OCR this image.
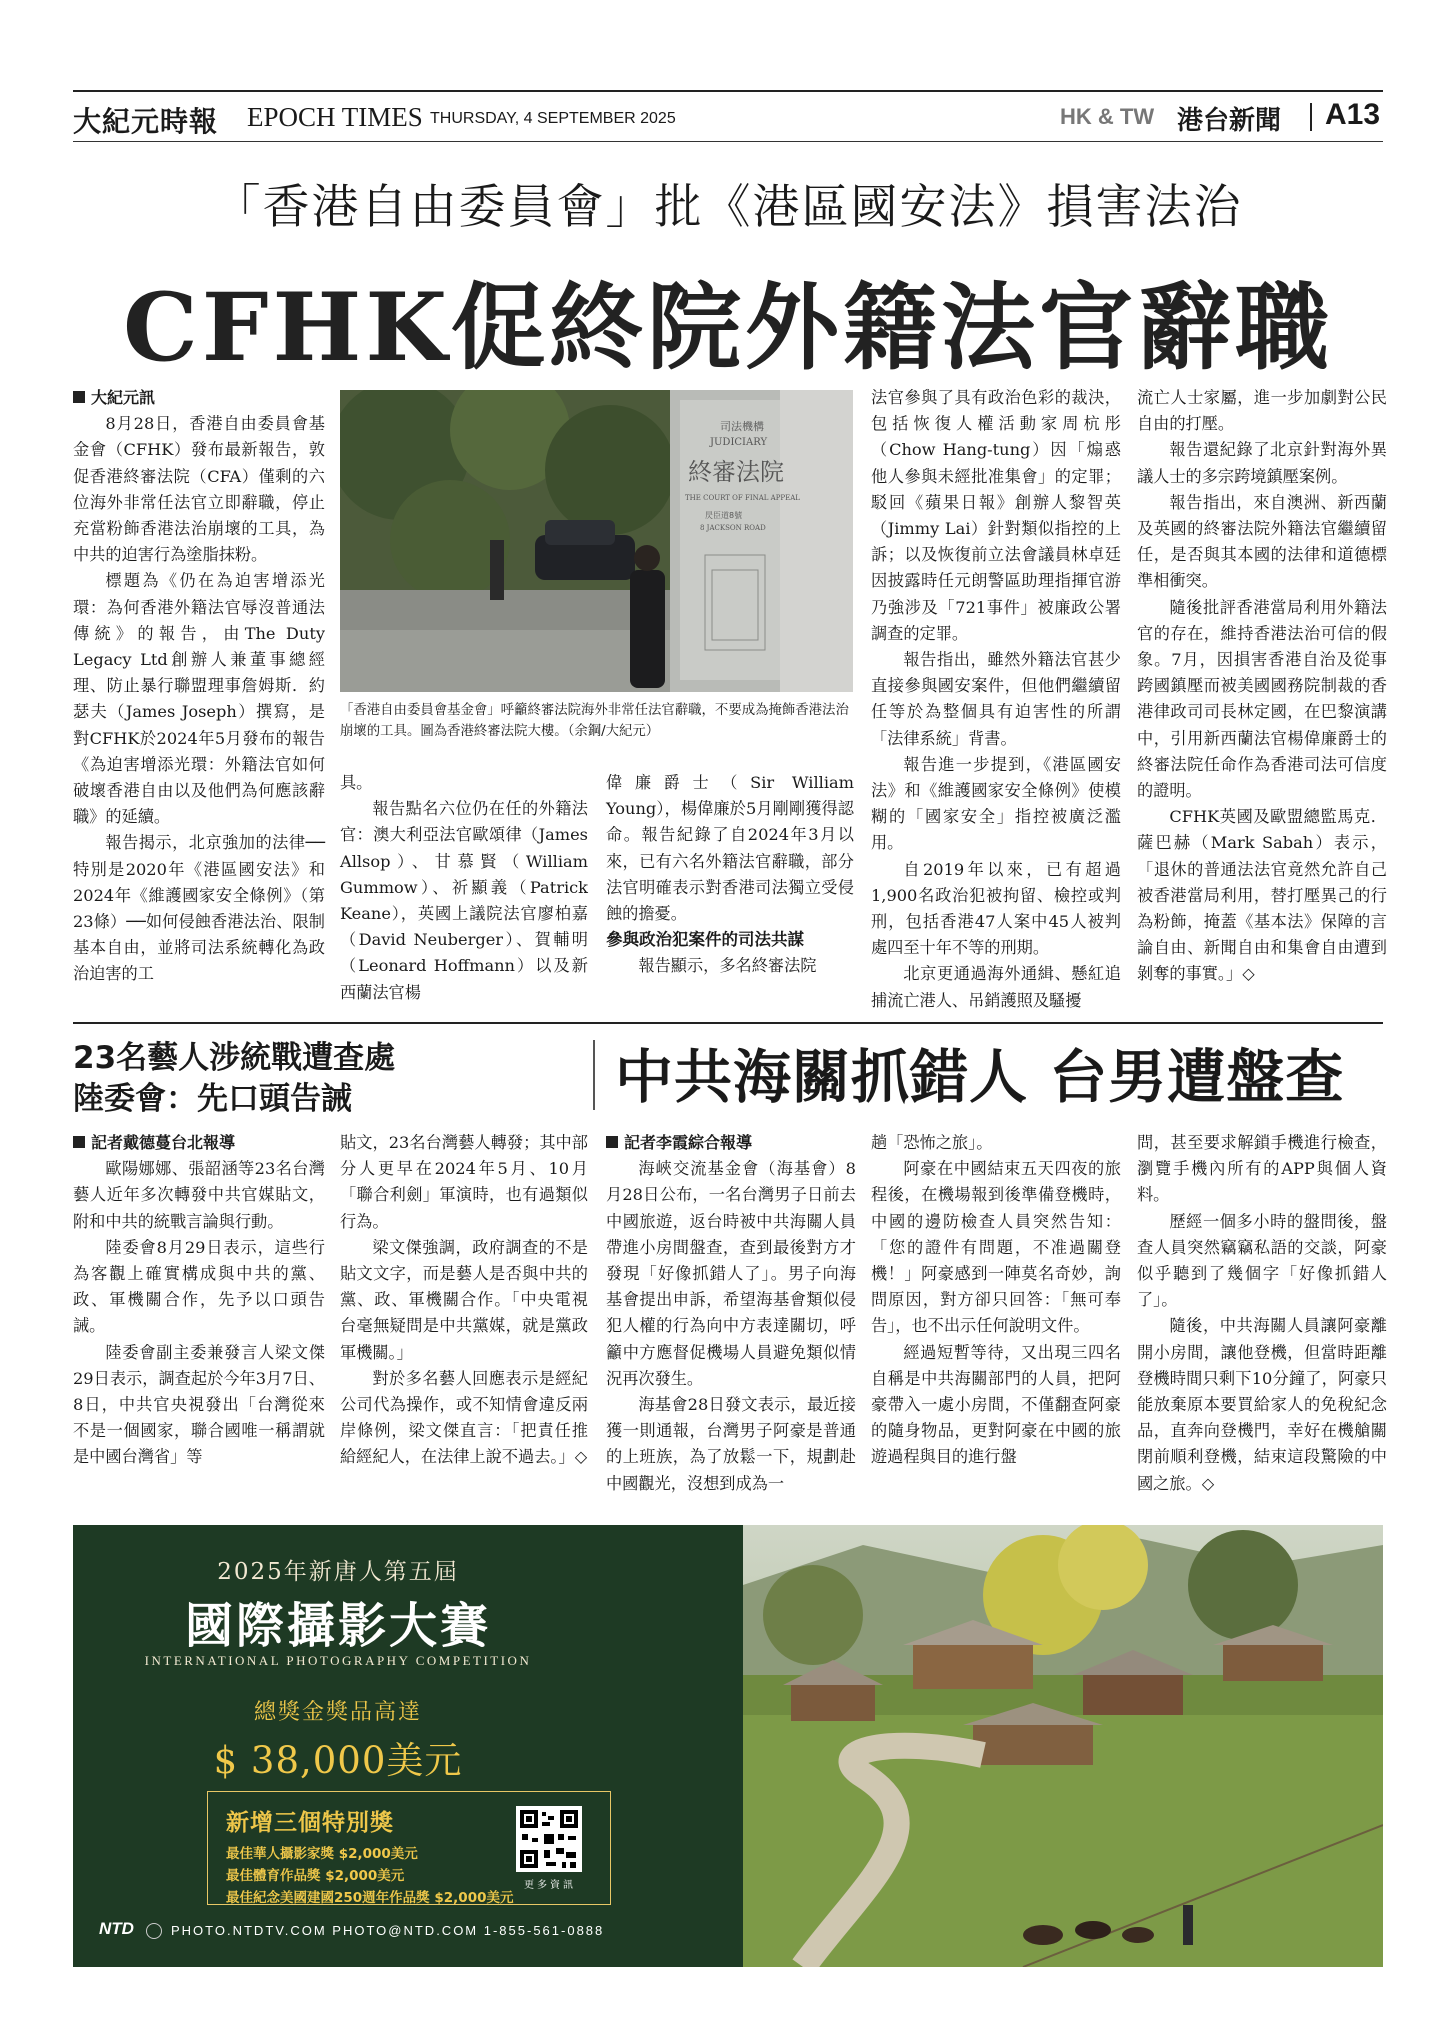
大紀元時報 EPOCH TIMES THURSDAY, 4 SEPTEMBER 2025	HK & TW 港台新聞 A13
「香港自由委員會」批《港區國安法》損害法治
CFHK促終院外籍法官辭職

大紀元訊

8月28日，香港自由委員會基金會（CFHK）發布最新報告，敦促香港終審法院（CFA）僅剩的六位海外非常任法官立即辭職，停止充當粉飾香港法治崩壞的工具，為中共的迫害行為塗脂抹粉。

標題為《仍在為迫害增添光環：為何香港外籍法官辱沒普通法傳統》的報告，由The Duty Legacy Ltd創辦人兼董事總經理、防止暴行聯盟理事詹姆斯．約瑟夫（James Joseph）撰寫，是對CFHK於2024年5月發布的報告《為迫害增添光環：外籍法官如何破壞香港自由以及他們為何應該辭職》的延續。

報告揭示，北京強加的法律──特別是2020年《港區國安法》和2024年《維護國家安全條例》（第23條）──如何侵蝕香港法治、限制基本自由，並將司法系統轉化為政治迫害的工

司法機構
JUDICIARY
終審法院
THE COURT OF FINAL APPEAL
昃臣道8號
8 JACKSON ROAD
「香港自由委員會基金會」呼籲終審法院海外非常任法官辭職，不要成為掩飾香港法治崩壞的工具。圖為香港終審法院大樓。（余鋼/大紀元）

具。

報告點名六位仍在任的外籍法官：澳大利亞法官歐頌律（James Allsop）、甘慕賢（William Gummow）、祈顯義（Patrick Keane），英國上議院法官廖柏嘉（David Neuberger）、賀輔明（Leonard Hoffmann）以及新西蘭法官楊

偉廉爵士（Sir William Young），楊偉廉於5月剛剛獲得認命。報告紀錄了自2024年3月以來，已有六名外籍法官辭職，部分法官明確表示對香港司法獨立受侵蝕的擔憂。

參與政治犯案件的司法共謀

報告顯示，多名終審法院

法官參與了具有政治色彩的裁決，包括恢復人權活動家周杭彤（Chow Hang-tung）因「煽惑他人參與未經批准集會」的定罪；駁回《蘋果日報》創辦人黎智英（Jimmy Lai）針對類似指控的上訴；以及恢復前立法會議員林卓廷因披露時任元朗警區助理指揮官游乃強涉及「721事件」被廉政公署調查的定罪。

報告指出，雖然外籍法官甚少直接參與國安案件，但他們繼續留任等於為整個具有迫害性的所謂「法律系統」背書。

報告進一步提到，《港區國安法》和《維護國家安全條例》使模糊的「國家安全」指控被廣泛濫用。

自2019年以來，已有超過1,900名政治犯被拘留、檢控或判刑，包括香港47人案中45人被判處四至十年不等的刑期。

北京更通過海外通緝、懸紅追捕流亡港人、吊銷護照及騷擾

流亡人士家屬，進一步加劇對公民自由的打壓。

報告還紀錄了北京針對海外異議人士的多宗跨境鎮壓案例。

報告指出，來自澳洲、新西蘭及英國的終審法院外籍法官繼續留任，是否與其本國的法律和道德標準相衝突。

隨後批評香港當局利用外籍法官的存在，維持香港法治可信的假象。7月，因損害香港自治及從事跨國鎮壓而被美國國務院制裁的香港律政司司長林定國，在巴黎演講中，引用新西蘭法官楊偉廉爵士的終審法院任命作為香港司法可信度的證明。

CFHK英國及歐盟總監馬克．薩巴赫（Mark Sabah）表示，「退休的普通法法官竟然允許自己被香港當局利用，替打壓異己的行為粉飾，掩蓋《基本法》保障的言論自由、新聞自由和集會自由遭到剝奪的事實。」◇

23名藝人涉統戰遭查處
陸委會：先口頭告誡

記者戴德蔓台北報導

歐陽娜娜、張韶涵等23名台灣藝人近年多次轉發中共官媒貼文，附和中共的統戰言論與行動。

陸委會8月29日表示，這些行為客觀上確實構成與中共的黨、政、軍機關合作，先予以口頭告誡。

陸委會副主委兼發言人梁文傑29日表示，調查起於今年3月7日、8日，中共官央視發出「台灣從來不是一個國家，聯合國唯一稱謂就是中國台灣省」等

貼文，23名台灣藝人轉發；其中部分人更早在2024年5月、10月「聯合利劍」軍演時，也有過類似行為。

梁文傑強調，政府調查的不是貼文文字，而是藝人是否與中共的黨、政、軍機關合作。「中央電視台毫無疑問是中共黨媒，就是黨政軍機關。」

對於多名藝人回應表示是經紀公司代為操作，或不知情會違反兩岸條例，梁文傑直言：「把責任推給經紀人，在法律上說不過去。」◇

中共海關抓錯人 台男遭盤查

記者李霞綜合報導

海峽交流基金會（海基會）8月28日公布，一名台灣男子日前去中國旅遊，返台時被中共海關人員帶進小房間盤查，查到最後對方才發現「好像抓錯人了」。男子向海基會提出申訴，希望海基會類似侵犯人權的行為向中方表達關切，呼籲中方應督促機場人員避免類似情況再次發生。

海基會28日發文表示，最近接獲一則通報，台灣男子阿豪是普通的上班族，為了放鬆一下，規劃赴中國觀光，沒想到成為一

趟「恐怖之旅」。

阿豪在中國結束五天四夜的旅程後，在機場報到後準備登機時，中國的邊防檢查人員突然告知：「您的證件有問題，不准過關登機！」阿豪感到一陣莫名奇妙，詢問原因，對方卻只回答：「無可奉告」，也不出示任何說明文件。

經過短暫等待，又出現三四名自稱是中共海關部門的人員，把阿豪帶入一處小房間，不僅翻查阿豪的隨身物品，更對阿豪在中國的旅遊過程與目的進行盤

問，甚至要求解鎖手機進行檢查，瀏覽手機內所有的APP與個人資料。

歷經一個多小時的盤問後，盤查人員突然竊竊私語的交談，阿豪似乎聽到了幾個字「好像抓錯人了」。

隨後，中共海關人員讓阿豪離開小房間，讓他登機，但當時距離登機時間只剩下10分鐘了，阿豪只能放棄原本要買給家人的免稅紀念品，直奔向登機門，幸好在機艙關閉前順利登機，結束這段驚險的中國之旅。◇

2025年新唐人第五屆
國際攝影大賽
INTERNATIONAL PHOTOGRAPHY COMPETITION
總獎金獎品高達
$ 38,000美元
新增三個特別獎
最佳華人攝影家獎 $2,000美元
最佳體育作品獎 $2,000美元
最佳紀念美國建國250週年作品獎 $2,000美元
更多資訊
NTD	PHOTO.NTDTV.COM PHOTO@NTD.COM 1-855-561-0888
